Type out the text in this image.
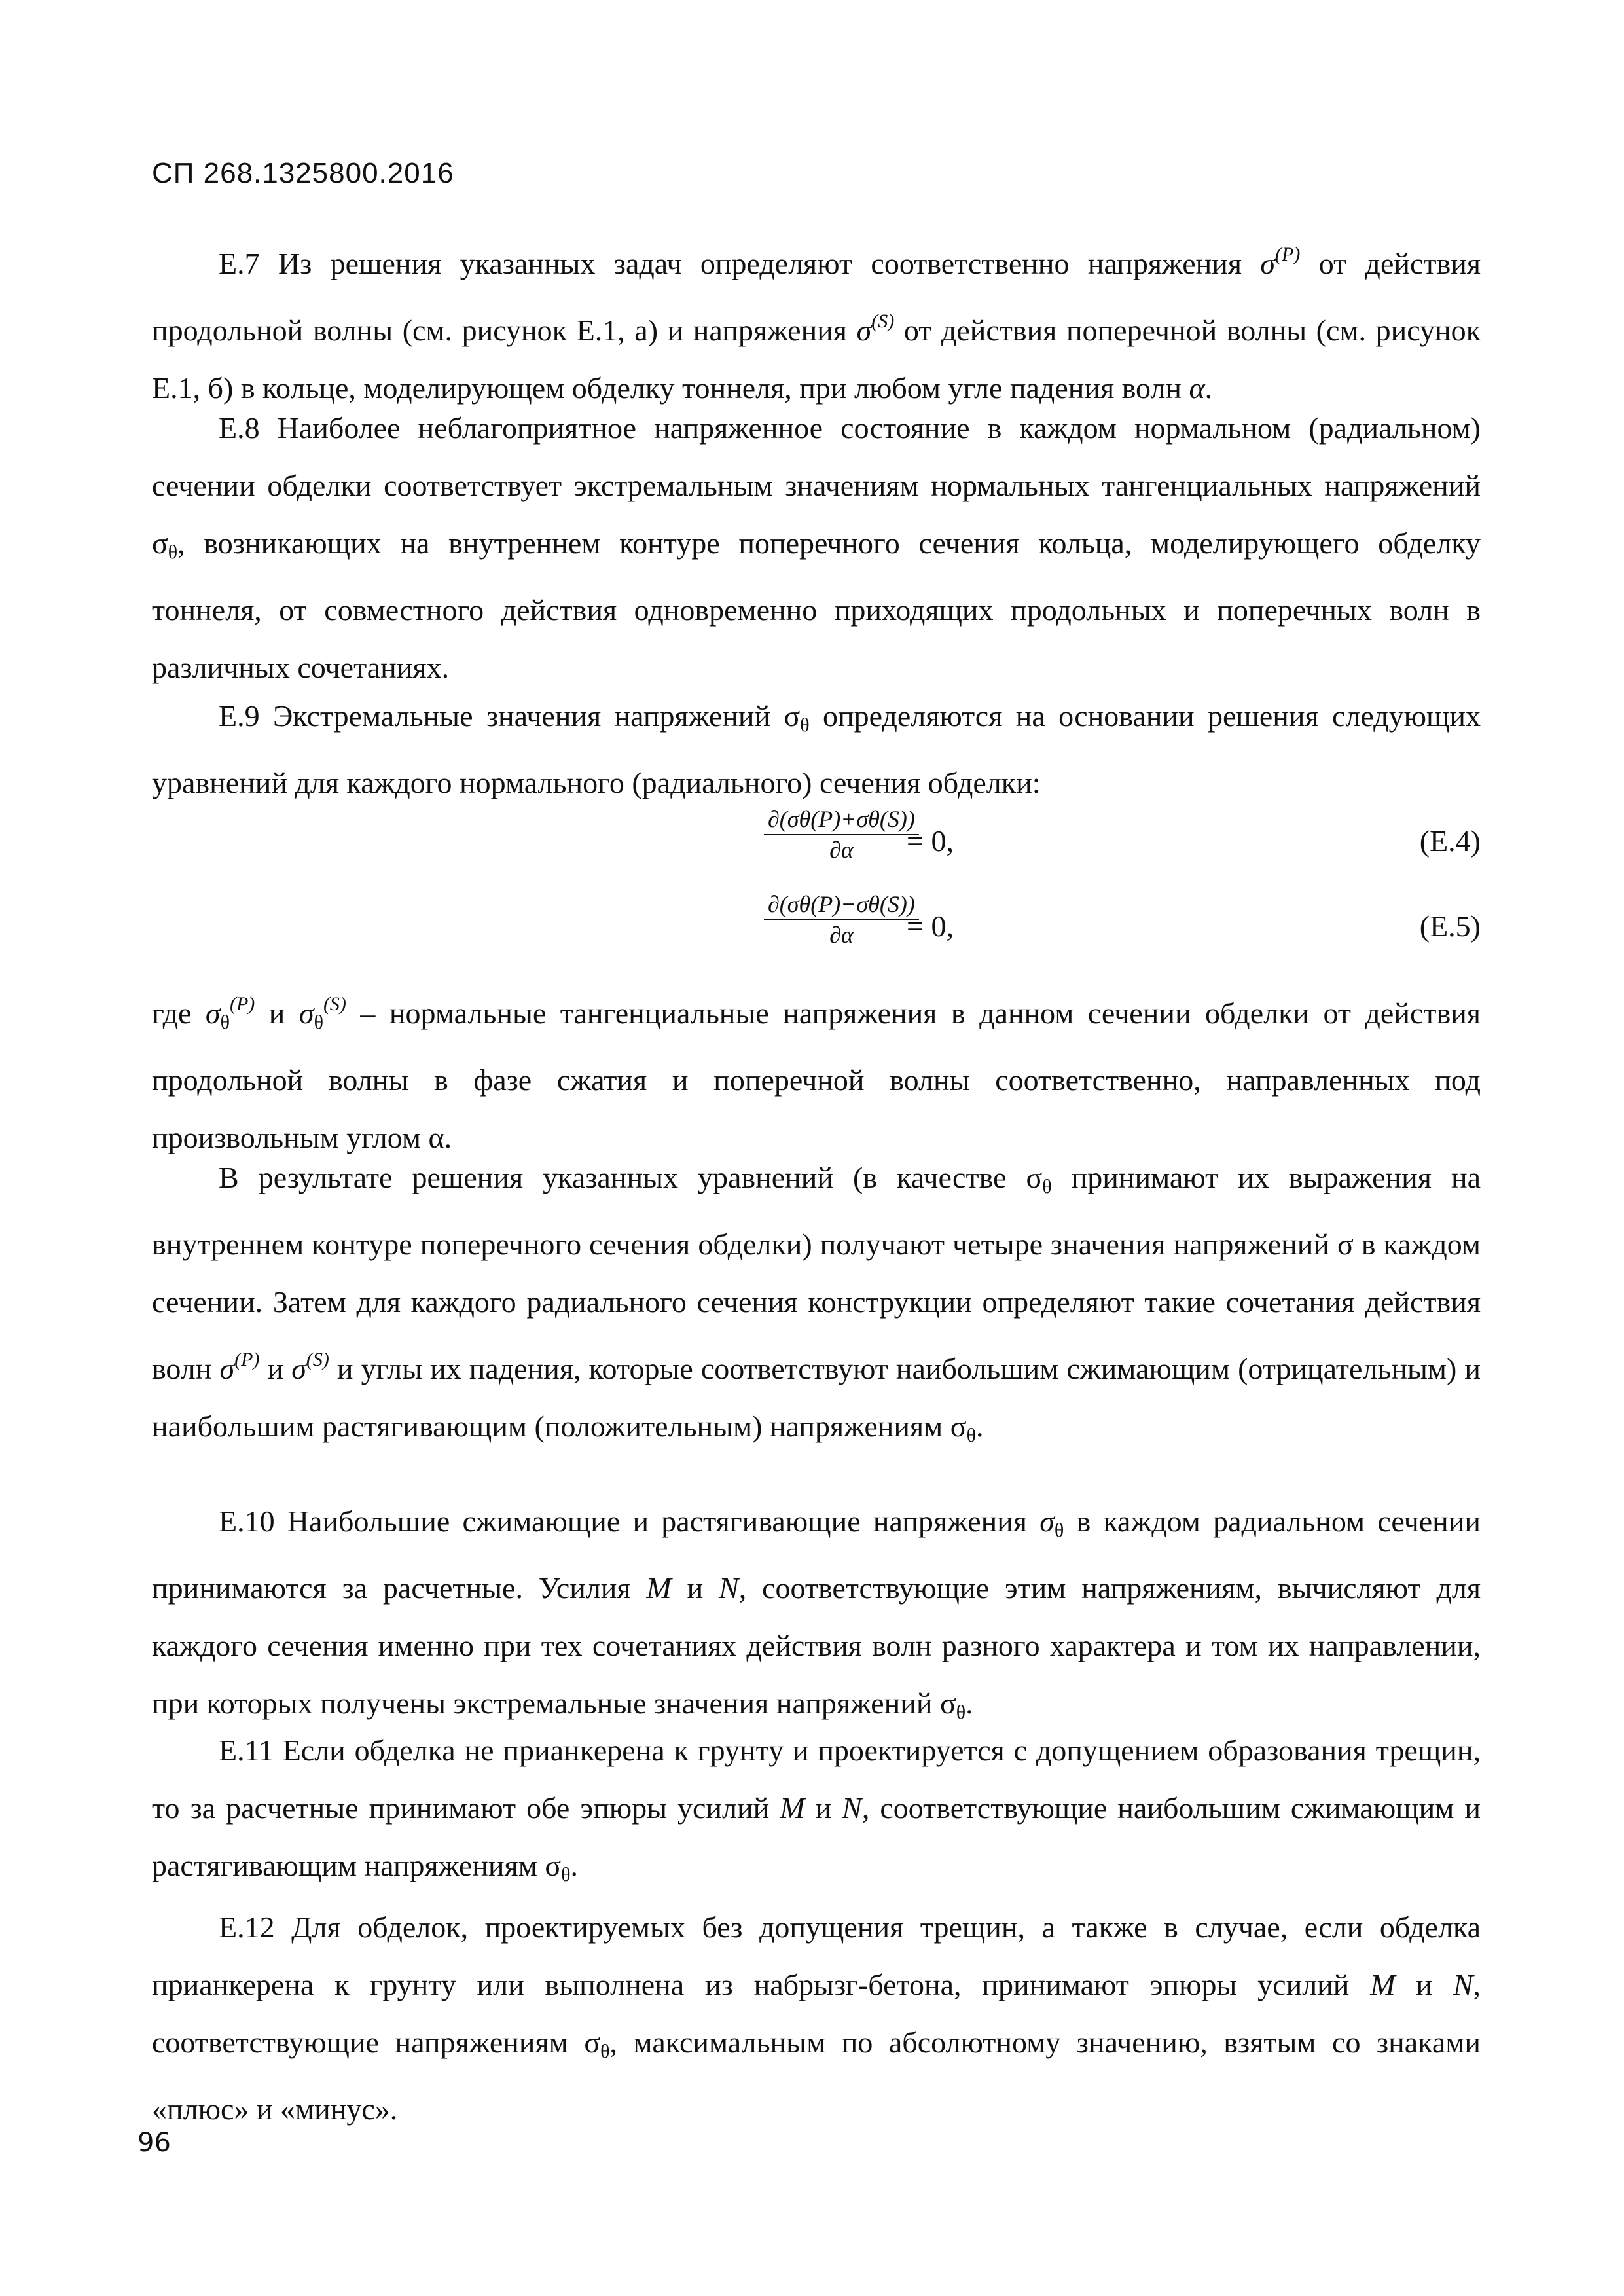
СП 268.1325800.2016

Е.7 Из решения указанных задач определяют соответственно напряжения $\sigma^{(P)}$ от действия продольной волны (см. рисунок Е.1, а) и напряжения $\sigma^{(S)}$ от действия поперечной волны (см. рисунок Е.1, б) в кольце, моделирующем обделку тоннеля, при любом угле падения волн α.

Е.8 Наиболее неблагоприятное напряженное состояние в каждом нормальном (радиальном) сечении обделки соответствует экстремальным значениям нормальных тангенциальных напряжений $\sigma_\theta$, возникающих на внутреннем контуре поперечного сечения кольца, моделирующего обделку тоннеля, от совместного действия одновременно приходящих продольных и поперечных волн в различных сочетаниях.

Е.9 Экстремальные значения напряжений $\sigma_\theta$ определяются на основании решения следующих уравнений для каждого нормального (радиального) сечения обделки:

$\frac{\partial(\sigma\theta(P)+\sigma\theta(S))}{\partial\alpha}$
= 0,	(Е.4)
$\frac{\partial(\sigma\theta(P)-\sigma\theta(S))}{\partial\alpha}$
= 0,	(Е.5)

где $\sigma_\theta^{(P)}$ и $\sigma_\theta^{(S)}$ – нормальные тангенциальные напряжения в данном сечении обделки от действия продольной волны в фазе сжатия и поперечной волны соответственно, направленных под произвольным углом α.

В результате решения указанных уравнений (в качестве $\sigma_\theta$ принимают их выражения на внутреннем контуре поперечного сечения обделки) получают четыре значения напряжений σ в каждом сечении. Затем для каждого радиального сечения конструкции определяют такие сочетания действия волн $\sigma^{(P)}$ и $\sigma^{(S)}$ и углы их падения, которые соответствуют наибольшим сжимающим (отрицательным) и наибольшим растягивающим (положительным) напряжениям $\sigma_\theta$.

Е.10 Наибольшие сжимающие и растягивающие напряжения $\sigma_\theta$ в каждом радиальном сечении принимаются за расчетные. Усилия M и N, соответствующие этим напряжениям, вычисляют для каждого сечения именно при тех сочетаниях действия волн разного характера и том их направлении, при которых получены экстремальные значения напряжений $\sigma_\theta$.

Е.11 Если обделка не прианкерена к грунту и проектируется с допущением образования трещин, то за расчетные принимают обе эпюры усилий M и N, соответствующие наибольшим сжимающим и растягивающим напряжениям $\sigma_\theta$.

Е.12 Для обделок, проектируемых без допущения трещин, а также в случае, если обделка прианкерена к грунту или выполнена из набрызг-бетона, принимают эпюры усилий M и N, соответствующие напряжениям $\sigma_\theta$, максимальным по абсолютному значению, взятым со знаками «плюс» и «минус».

96
